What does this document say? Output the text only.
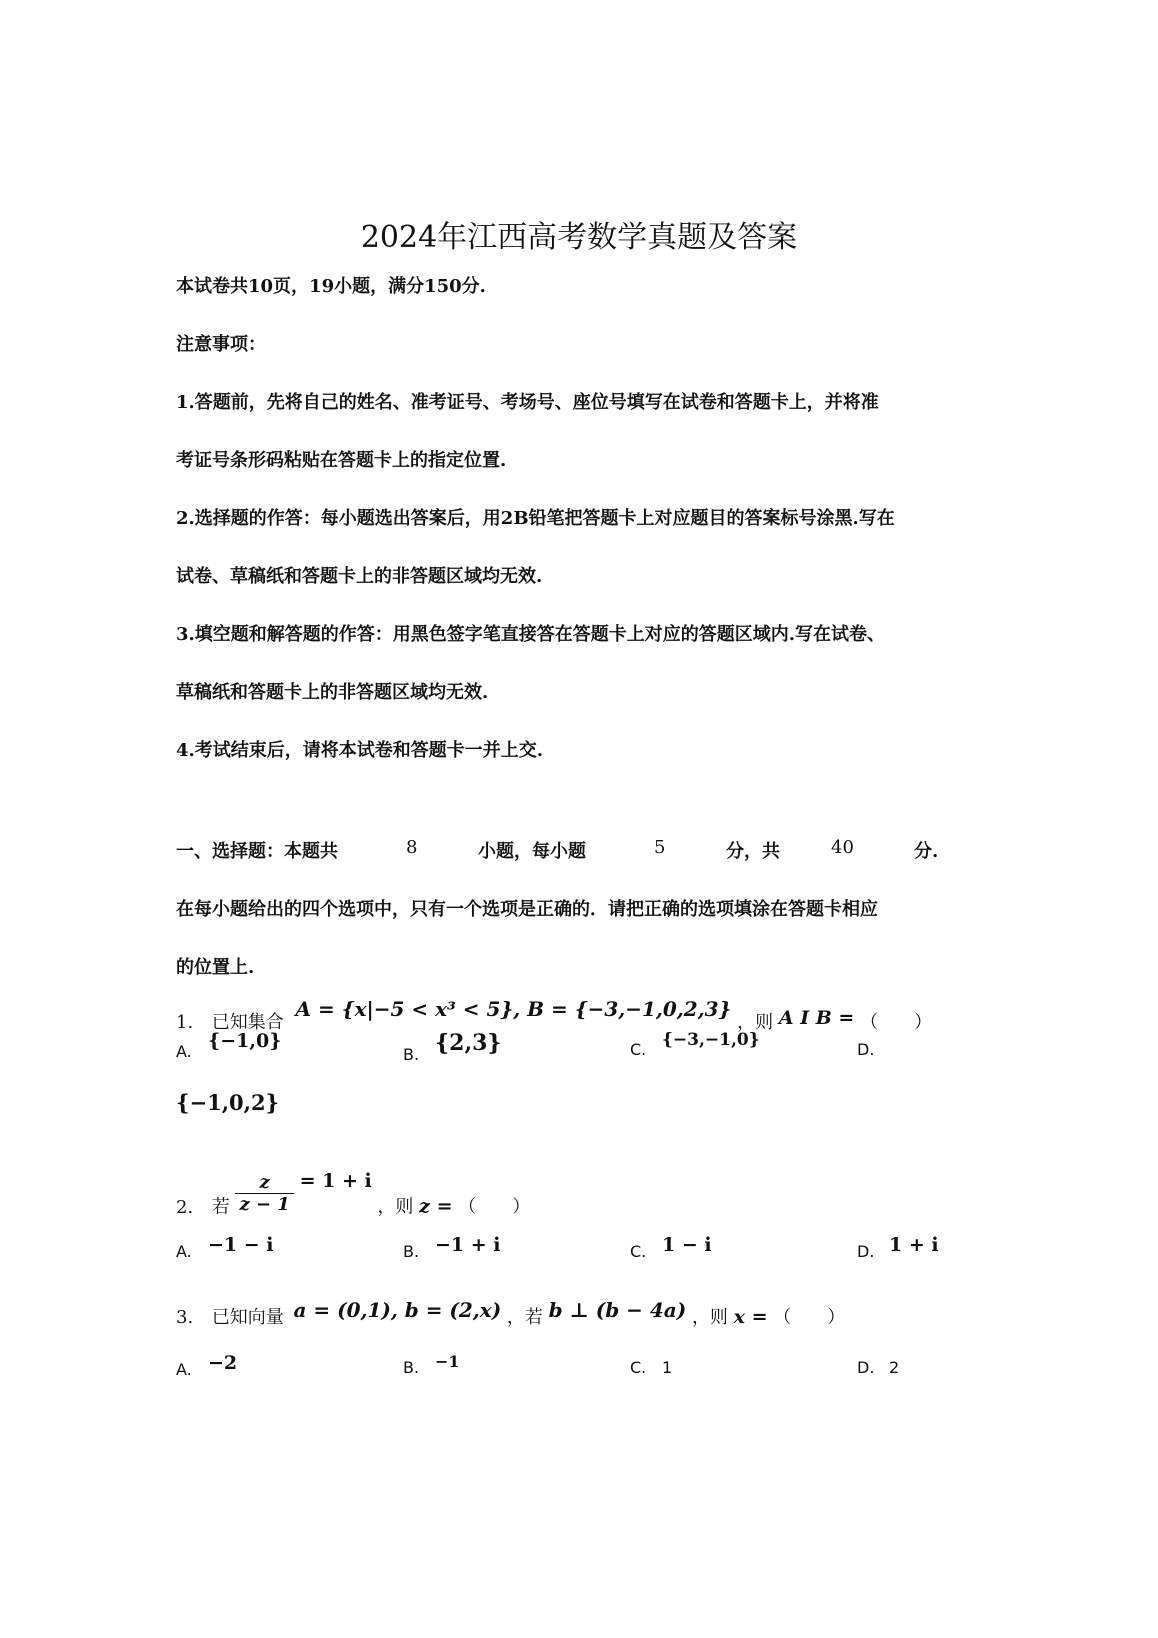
2024年江西高考数学真题及答案
本试卷共10页，19小题，满分150分.
注意事项：
1.答题前，先将自己的姓名、准考证号、考场号、座位号填写在试卷和答题卡上，并将准
考证号条形码粘贴在答题卡上的指定位置.
2.选择题的作答：每小题选出答案后，用2B铅笔把答题卡上对应题目的答案标号涂黑.写在
试卷、草稿纸和答题卡上的非答题区域均无效.
3.填空题和解答题的作答：用黑色签字笔直接答在答题卡上对应的答题区域内.写在试卷、
草稿纸和答题卡上的非答题区域均无效.
4.考试结束后，请将本试卷和答题卡一并上交.
一、选择题：本题共	8	小题，每小题	5	分，共	40	分.
在每小题给出的四个选项中，只有一个选项是正确的．请把正确的选项填涂在答题卡相应
的位置上.
1. 已知集合 A = {x|−5 < x³ < 5}, B = {−3,−1,0,2,3} ，则 A I B = （　　）
A. {−1,0}
B. {2,3}	C. {−3,−1,0}	D.
{−1,0,2}
2. 若 $\frac{z}{z - 1} = 1 + i$ ，则 z = （　　）
A. −1 − i	B. −1 + i	C. 1 − i	D. 1 + i
3. 已知向量 a = (0,1), b = (2,x) ，若 b ⊥ (b − 4a) ，则 x = （　　）
A. −2	B. −1	C. 1	D. 2
